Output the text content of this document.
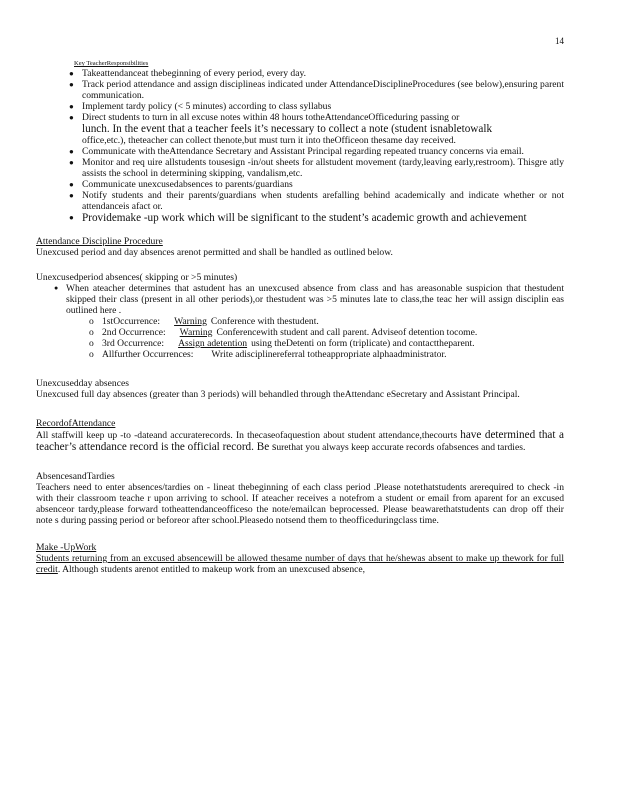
14
Key TeacherResponsibilities
● Takeattendanceat thebeginning of every period, every day.
● Track period attendance and assign disciplineas indicated under AttendanceDisciplineProcedures (see below),ensuring parent communication.
● Implement tardy policy (< 5 minutes) according to class syllabus
● Direct students to turn in all excuse notes within 48 hours totheAttendanceOfficeduring passing or
lunch. In the event that a teacher feels it’s necessary to collect a note (student isnabletowalk
office,etc.), theteacher can collect thenote,but must turn it into theOfficeon thesame day received.
● Communicate with theAttendance Secretary and Assistant Principal regarding repeated truancy concerns via email.
● Monitor and req uire allstudents tousesign -in/out sheets for allstudent movement (tardy,leaving early,restroom). Thisgre atly assists the school in determining skipping, vandalism,etc.
● Communicate unexcusedabsences to parents/guardians
● Notify students and their parents/guardians when students arefalling behind academically and indicate whether or not attendanceis afact or.
● Providemake -up work which will be significant to the student’s academic growth and achievement
Attendance Discipline Procedure

Unexcused period and day absences arenot permitted and shall be handled as outlined below.

Unexcusedperiod absences( skipping or >5 minutes)
● When ateacher determines that astudent has an unexcused absence from class and has areasonable suspicion that thestudent skipped their class (present in all other periods),or thestudent was >5 minutes late to class,the teac her will assign disciplin eas outlined here .
o 1stOccurrence: Warning Conference with thestudent.
o 2nd Occurrence: Warning Conferencewith student and call parent. Adviseof detention tocome.
o 3rd Occurrence: Assign adetention using theDetenti on form (triplicate) and contacttheparent.
o Allfurther Occurrences: Write adisciplinereferral totheappropriate alphaadministrator.
Unexcusedday absences

Unexcused full day absences (greater than 3 periods) will behandled through theAttendanc eSecretary and Assistant Principal.

RecordofAttendance

All staffwill keep up -to -dateand accuraterecords. In thecaseofaquestion about student attendance,thecourts have determined that a teacher’s attendance record is the official record. Be surethat you always keep accurate records ofabsences and tardies.

AbsencesandTardies

Teachers need to enter absences/tardies on - lineat thebeginning of each class period .Please notethatstudents arerequired to check -in with their classroom teache r upon arriving to school. If ateacher receives a notefrom a student or email from aparent for an excused absenceor tardy,please forward totheattendanceofficeso the note/emailcan beprocessed. Please beawarethatstudents can drop off their note s during passing period or beforeor after school.Pleasedo notsend them to theofficeduringclass time.

Make -UpWork

Students returning from an excused absencewill be allowed thesame number of days that he/shewas absent to make up thework for full credit. Although students arenot entitled to makeup work from an unexcused absence,
